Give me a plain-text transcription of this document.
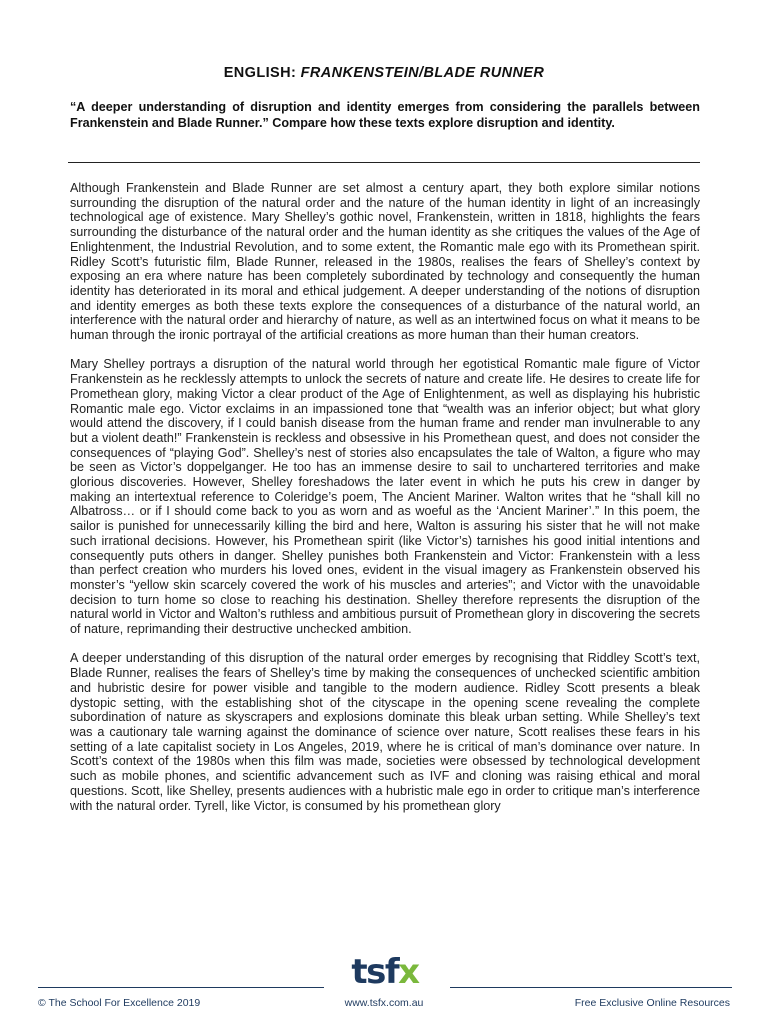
ENGLISH: FRANKENSTEIN/BLADE RUNNER
“A deeper understanding of disruption and identity emerges from considering the parallels between Frankenstein and Blade Runner.” Compare how these texts explore disruption and identity.

Although Frankenstein and Blade Runner are set almost a century apart, they both explore similar notions surrounding the disruption of the natural order and the nature of the human identity in light of an increasingly technological age of existence. Mary Shelley’s gothic novel, Frankenstein, written in 1818, highlights the fears surrounding the disturbance of the natural order and the human identity as she critiques the values of the Age of Enlightenment, the Industrial Revolution, and to some extent, the Romantic male ego with its Promethean spirit. Ridley Scott’s futuristic film, Blade Runner, released in the 1980s, realises the fears of Shelley’s context by exposing an era where nature has been completely subordinated by technology and consequently the human identity has deteriorated in its moral and ethical judgement. A deeper understanding of the notions of disruption and identity emerges as both these texts explore the consequences of a disturbance of the natural world, an interference with the natural order and hierarchy of nature, as well as an intertwined focus on what it means to be human through the ironic portrayal of the artificial creations as more human than their human creators.

Mary Shelley portrays a disruption of the natural world through her egotistical Romantic male figure of Victor Frankenstein as he recklessly attempts to unlock the secrets of nature and create life. He desires to create life for Promethean glory, making Victor a clear product of the Age of Enlightenment, as well as displaying his hubristic Romantic male ego. Victor exclaims in an impassioned tone that “wealth was an inferior object; but what glory would attend the discovery, if I could banish disease from the human frame and render man invulnerable to any but a violent death!” Frankenstein is reckless and obsessive in his Promethean quest, and does not consider the consequences of “playing God”. Shelley’s nest of stories also encapsulates the tale of Walton, a figure who may be seen as Victor’s doppelganger. He too has an immense desire to sail to unchartered territories and make glorious discoveries. However, Shelley foreshadows the later event in which he puts his crew in danger by making an intertextual reference to Coleridge’s poem, The Ancient Mariner. Walton writes that he “shall kill no Albatross… or if I should come back to you as worn and as woeful as the ‘Ancient Mariner’.” In this poem, the sailor is punished for unnecessarily killing the bird and here, Walton is assuring his sister that he will not make such irrational decisions. However, his Promethean spirit (like Victor’s) tarnishes his good initial intentions and consequently puts others in danger. Shelley punishes both Frankenstein and Victor: Frankenstein with a less than perfect creation who murders his loved ones, evident in the visual imagery as Frankenstein observed his monster’s “yellow skin scarcely covered the work of his muscles and arteries”; and Victor with the unavoidable decision to turn home so close to reaching his destination. Shelley therefore represents the disruption of the natural world in Victor and Walton’s ruthless and ambitious pursuit of Promethean glory in discovering the secrets of nature, reprimanding their destructive unchecked ambition.

A deeper understanding of this disruption of the natural order emerges by recognising that Riddley Scott’s text, Blade Runner, realises the fears of Shelley’s time by making the consequences of unchecked scientific ambition and hubristic desire for power visible and tangible to the modern audience. Ridley Scott presents a bleak dystopic setting, with the establishing shot of the cityscape in the opening scene revealing the complete subordination of nature as skyscrapers and explosions dominate this bleak urban setting. While Shelley’s text was a cautionary tale warning against the dominance of science over nature, Scott realises these fears in his setting of a late capitalist society in Los Angeles, 2019, where he is critical of man’s dominance over nature. In Scott’s context of the 1980s when this film was made, societies were obsessed by technological development such as mobile phones, and scientific advancement such as IVF and cloning was raising ethical and moral questions. Scott, like Shelley, presents audiences with a hubristic male ego in order to critique man’s interference with the natural order. Tyrell, like Victor, is consumed by his promethean glory

tsfx
© The School For Excellence 2019	www.tsfx.com.au	Free Exclusive Online Resources
